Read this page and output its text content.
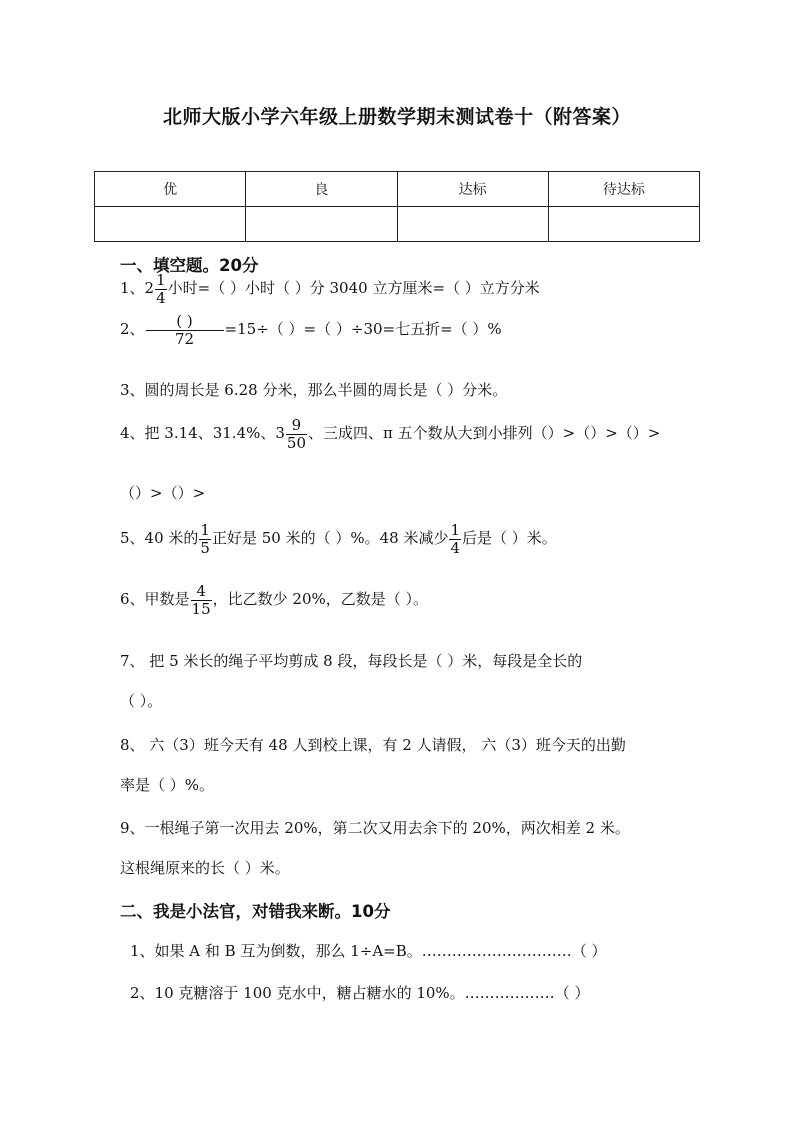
北师大版小学六年级上册数学期末测试卷十（附答案）
优	良	达标	待达标

一、填空题。20分
1、$2 \frac{1}{4}$ 小时=（ ）小时（ ）分 3040 立方厘米=（ ）立方分米
2、 $\frac{( )}{72} =15\div$（ ）=（ ）÷30=七五折=（ ）%
3、圆的周长是 6.28 分米，那么半圆的周长是（ ）分米。
4、把 3.14、31.4%、$3 \frac{9}{50}$ 、三成四、π 五个数从大到小排列（）>（）>（）>
（）>（）>
5、40 米的 $\frac{1}{5}$ 正好是 50 米的（ ）%。48 米减少 $\frac{1}{4}$ 后是（ ）米。
6、甲数是 $\frac{4}{15}$ ，比乙数少 20%，乙数是（ ）。
7、 把 5 米长的绳子平均剪成 8 段，每段长是（ ）米，每段是全长的
（ ）。
8、 六（3）班今天有 48 人到校上课，有 2 人请假， 六（3）班今天的出勤
率是（ ）%。
9、一根绳子第一次用去 20%，第二次又用去余下的 20%，两次相差 2 米。
这根绳原来的长（ ）米。
二、我是小法官，对错我来断。10分
1、如果 A 和 B 互为倒数，那么 1÷A=B。…………………………（ ）
2、10 克糖溶于 100 克水中，糖占糖水的 10%。………………（ ）
